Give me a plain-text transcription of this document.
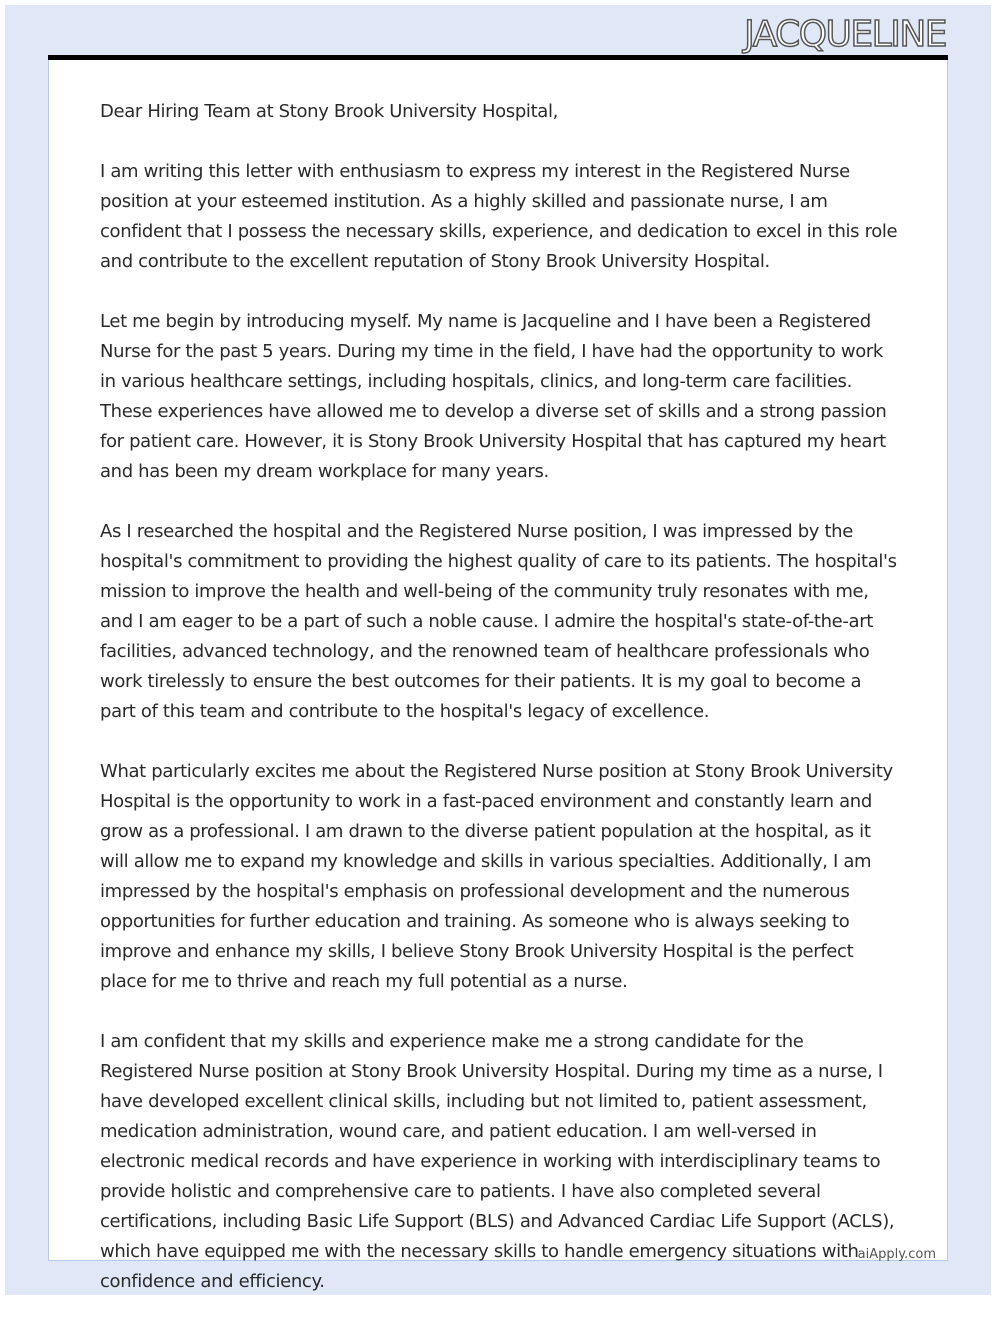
JACQUELINE

Dear Hiring Team at Stony Brook University Hospital,

I am writing this letter with enthusiasm to express my interest in the Registered Nurse position at your esteemed institution. As a highly skilled and passionate nurse, I am confident that I possess the necessary skills, experience, and dedication to excel in this role and contribute to the excellent reputation of Stony Brook University Hospital.

Let me begin by introducing myself. My name is Jacqueline and I have been a Registered Nurse for the past 5 years. During my time in the field, I have had the opportunity to work in various healthcare settings, including hospitals, clinics, and long-term care facilities. These experiences have allowed me to develop a diverse set of skills and a strong passion for patient care. However, it is Stony Brook University Hospital that has captured my heart and has been my dream workplace for many years.

As I researched the hospital and the Registered Nurse position, I was impressed by the hospital's commitment to providing the highest quality of care to its patients. The hospital's mission to improve the health and well-being of the community truly resonates with me, and I am eager to be a part of such a noble cause. I admire the hospital's state-of-the-art facilities, advanced technology, and the renowned team of healthcare professionals who work tirelessly to ensure the best outcomes for their patients. It is my goal to become a part of this team and contribute to the hospital's legacy of excellence.

What particularly excites me about the Registered Nurse position at Stony Brook University Hospital is the opportunity to work in a fast-paced environment and constantly learn and grow as a professional. I am drawn to the diverse patient population at the hospital, as it will allow me to expand my knowledge and skills in various specialties. Additionally, I am impressed by the hospital's emphasis on professional development and the numerous opportunities for further education and training. As someone who is always seeking to improve and enhance my skills, I believe Stony Brook University Hospital is the perfect place for me to thrive and reach my full potential as a nurse.

I am confident that my skills and experience make me a strong candidate for the Registered Nurse position at Stony Brook University Hospital. During my time as a nurse, I have developed excellent clinical skills, including but not limited to, patient assessment, medication administration, wound care, and patient education. I am well-versed in electronic medical records and have experience in working with interdisciplinary teams to provide holistic and comprehensive care to patients. I have also completed several certifications, including Basic Life Support (BLS) and Advanced Cardiac Life Support (ACLS), which have equipped me with the necessary skills to handle emergency situations with confidence and efficiency.

aiApply.com
